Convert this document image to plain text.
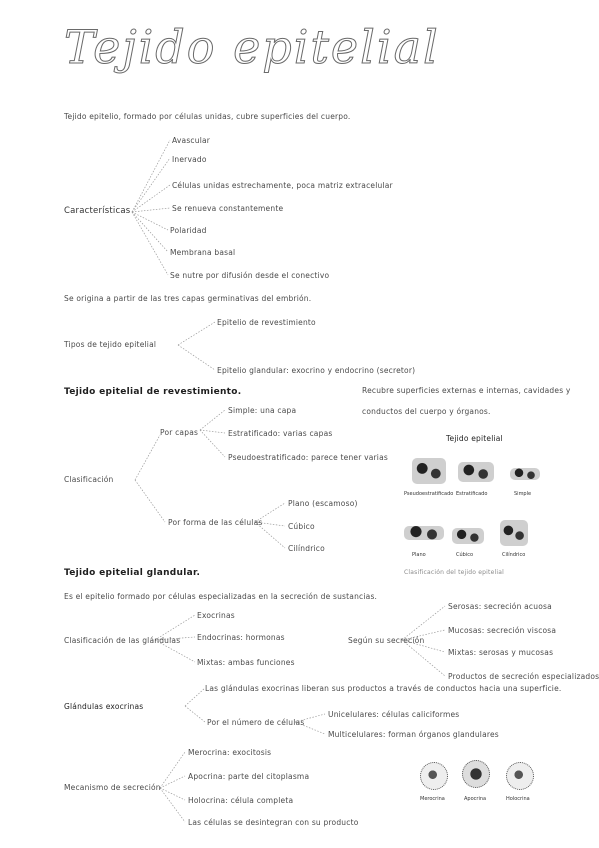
Tejido epitelial
Tejido epitelio, formado por células unidas, cubre superficies del cuerpo.
Características
Avascular
Inervado
Células unidas estrechamente, poca matriz extracelular
Se renueva constantemente
Polaridad
Membrana basal
Se nutre por difusión desde el conectivo
Se origina a partir de las tres capas germinativas del embrión.
Tipos de tejido epitelial
Epitelio de revestimiento
Epitelio glandular: exocrino y endocrino (secretor)
Tejido epitelial de revestimiento.	Recubre superficies externas e internas, cavidades y
conductos del cuerpo y órganos.
Por capas
Simple: una capa
Estratificado: varias capas
Pseudoestratificado: parece tener varias
Clasificación
Por forma de las células
Plano (escamoso)
Cúbico
Cilíndrico
Tejido epitelial
Pseudoestratificado Estratificado	Simple
Plano	Cúbico	Cilíndrico
Clasificación del tejido epitelial
Tejido epitelial glandular.
Es el epitelio formado por células especializadas en la secreción de sustancias.
Clasificación de las glándulas
Exocrinas
Endocrinas: hormonas
Mixtas: ambas funciones
Según su secreción
Serosas: secreción acuosa
Mucosas: secreción viscosa
Mixtas: serosas y mucosas
Productos de secreción especializados
Las glándulas exocrinas liberan sus productos a través de conductos hacia una superficie.
Glándulas exocrinas
Por el número de células
Unicelulares: células caliciformes
Multicelulares: forman órganos glandulares
Mecanismo de secreción
Merocrina: exocitosis
Apocrina: parte del citoplasma
Holocrina: célula completa
Las células se desintegran con su producto
Merocrina	Apocrina	Holocrina
